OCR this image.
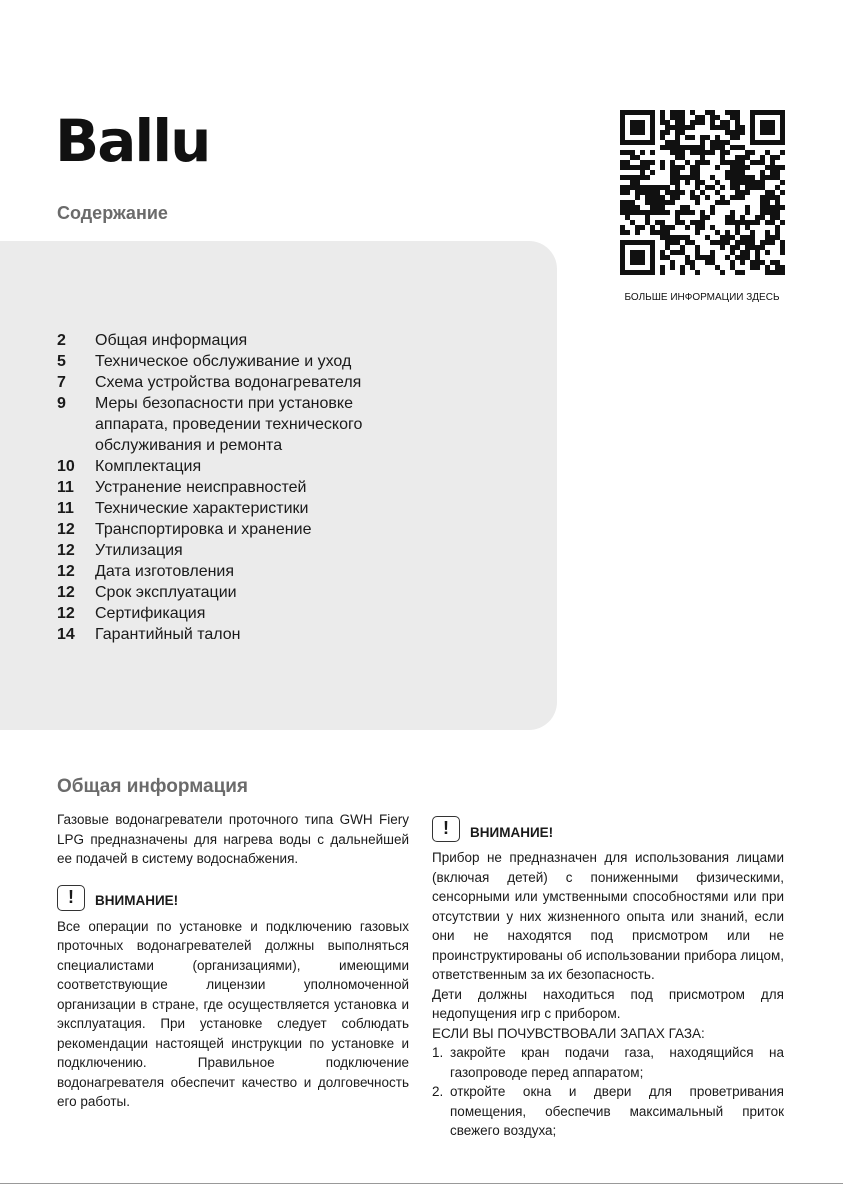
Ballu
Содержание
2	Общая информация
5	Техническое обслуживание и уход
7	Схема устройства водонагревателя
9	Меры безопасности при установке аппарата, проведении технического обслуживания и ремонта
10	Комплектация
11	Устранение неисправностей
11	Технические характеристики
12	Транспортировка и хранение
12	Утилизация
12	Дата изготовления
12	Срок эксплуатации
12	Сертификация
14	Гарантийный талон
БОЛЬШЕ ИНФОРМАЦИИ ЗДЕСЬ
Общая информация

Газовые водонагреватели проточного типа GWH Fiery LPG предназначены для нагрева воды с дальнейшей ее подачей в систему водоснабжения.

!	ВНИМАНИЕ!

Все операции по установке и подключению газовых проточных водонагревателей должны выполняться специалистами (организациями), имеющими соответствующие лицензии уполномоченной организации в стране, где осуществляется установка и эксплуатация. При установке следует соблюдать рекомендации настоящей инструкции по установке и подключению. Правильное подключение водонагревателя обеспечит качество и долговечность его работы.

!	ВНИМАНИЕ!

Прибор не предназначен для использования лицами (включая детей) с пониженными физическими, сенсорными или умственными способностями или при отсутствии у них жизненного опыта или знаний, если они не находятся под присмотром или не проинструктированы об использовании прибора лицом, ответственным за их безопасность.

Дети должны находиться под присмотром для недопущения игр с прибором.

ЕСЛИ ВЫ ПОЧУВСТВОВАЛИ ЗАПАХ ГАЗА:

1. закройте кран подачи газа, находящийся на газопроводе перед аппаратом;
2. откройте окна и двери для проветривания помещения, обеспечив максимальный приток свежего воздуха;
